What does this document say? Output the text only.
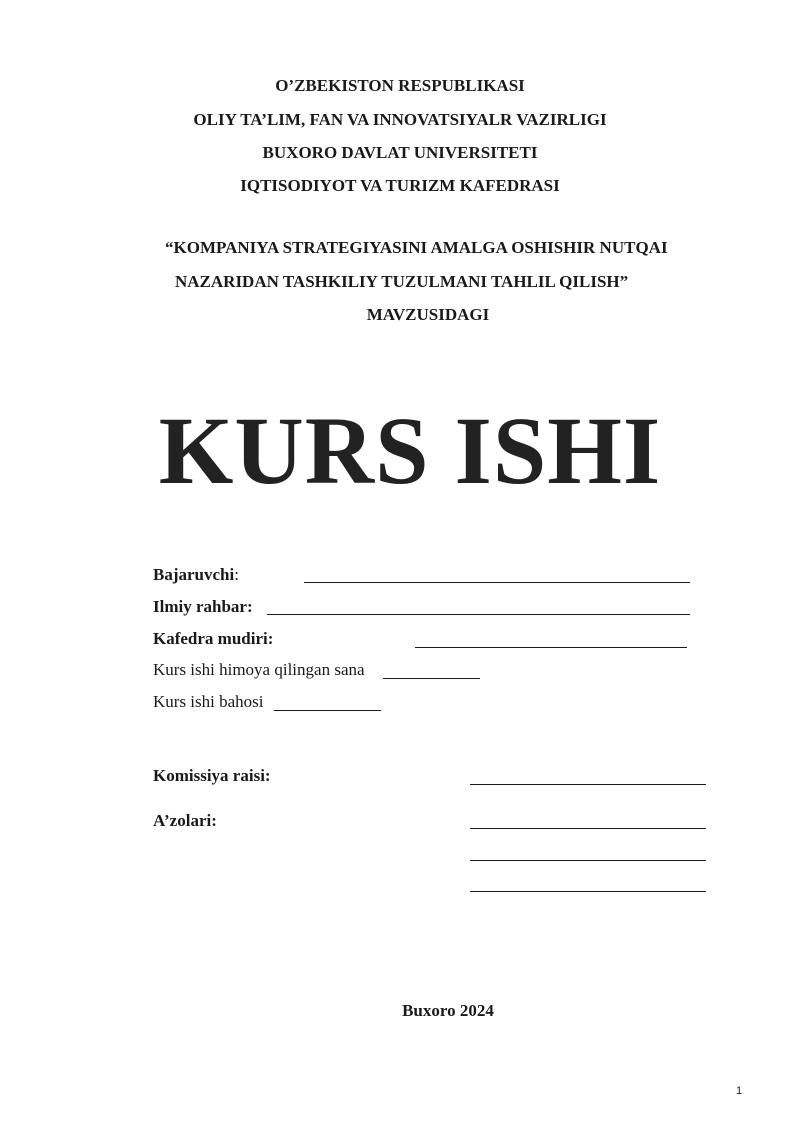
O’ZBEKISTON RESPUBLIKASI
OLIY TA’LIM, FAN VA INNOVATSIYALR VAZIRLIGI
BUXORO DAVLAT UNIVERSITETI
IQTISODIYOT VA TURIZM KAFEDRASI
“KOMPANIYA STRATEGIYASINI AMALGA OSHISHIR NUTQAI
NAZARIDAN TASHKILIY TUZULMANI TAHLIL QILISH”
MAVZUSIDAGI
KURS ISHI
Bajaruvchi:
Ilmiy rahbar:
Kafedra mudiri:
Kurs ishi himoya qilingan sana
Kurs ishi bahosi
Komissiya raisi:
A’zolari:
Buxoro 2024
1
